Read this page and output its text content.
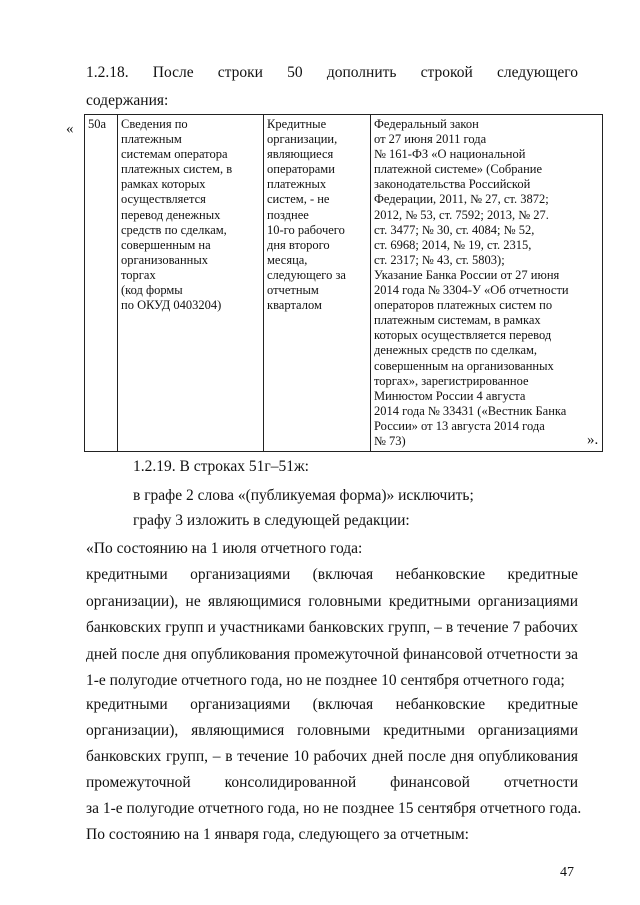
1.2.18. После строки 50 дополнить строкой следующего
содержания:
« 50а	Сведения по
платежным
системам оператора
платежных систем, в
рамках которых
осуществляется
перевод денежных
средств по сделкам,
совершенным на
организованных
торгах
(код формы
по ОКУД 0403204)

Кредитные
организации,
являющиеся
операторами
платежных
систем, - не
позднее
10-го рабочего
дня второго
месяца,
следующего за
отчетным
кварталом

Федеральный закон
от 27 июня 2011 года
№ 161-ФЗ «О национальной
платежной системе» (Собрание
законодательства Российской
Федерации, 2011, № 27, ст. 3872;
2012, № 53, ст. 7592; 2013, № 27.
ст. 3477; № 30, ст. 4084; № 52,
ст. 6968; 2014, № 19, ст. 2315,
ст. 2317; № 43, ст. 5803);
Указание Банка России от 27 июня
2014 года № 3304-У «Об отчетности
операторов платежных систем по
платежным системам, в рамках
которых осуществляется перевод
денежных средств по сделкам,
совершенным на организованных
торгах», зарегистрированное
Минюстом России 4 августа
2014 года № 33431 («Вестник Банка
России» от 13 августа 2014 года
№ 73)	».
1.2.19. В строках 51г–51ж:
в графе 2 слова «(публикуемая форма)» исключить;
графу 3 изложить в следующей редакции:
«По состоянию на 1 июля отчетного года:
кредитными организациями (включая небанковские кредитные
организации), не являющимися головными кредитными организациями
банковских групп и участниками банковских групп, – в течение 7 рабочих
дней после дня опубликования промежуточной финансовой отчетности за
1-е полугодие отчетного года, но не позднее 10 сентября отчетного года;
кредитными организациями (включая небанковские кредитные
организации), являющимися головными кредитными организациями
банковских групп, – в течение 10 рабочих дней после дня опубликования
промежуточной консолидированной финансовой отчетности
за 1-е полугодие отчетного года, но не позднее 15 сентября отчетного года.
По состоянию на 1 января года, следующего за отчетным:
47
